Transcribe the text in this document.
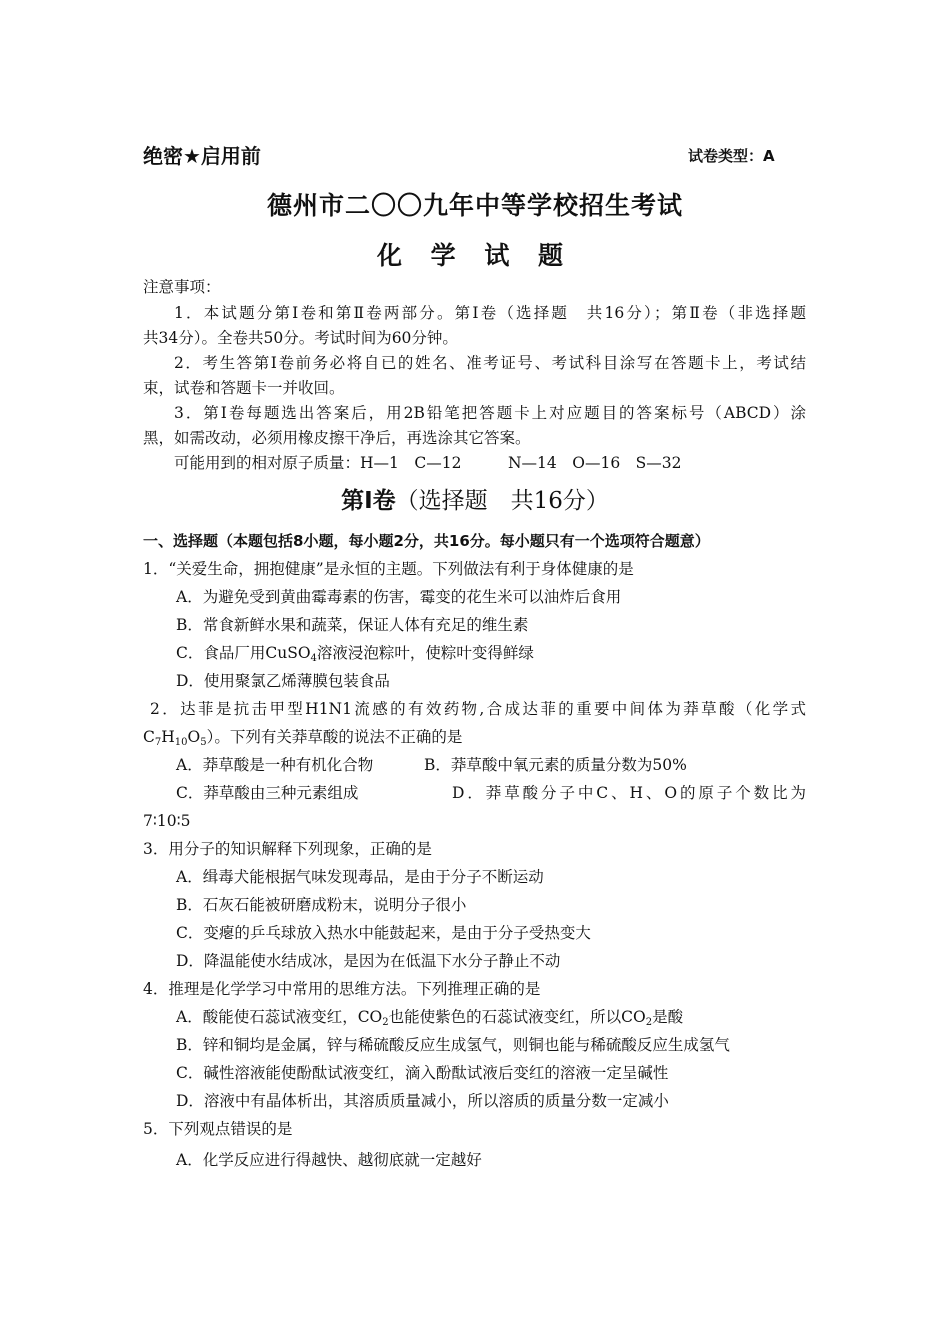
绝密★启用前	试卷类型：A
德州市二〇〇九年中等学校招生考试
化 学 试 题
注意事项：
1．本试题分第Ⅰ卷和第Ⅱ卷两部分。第Ⅰ卷（选择题　共16分）；第Ⅱ卷（非选择题
共34分）。全卷共50分。考试时间为60分钟。
2．考生答第Ⅰ卷前务必将自已的姓名、准考证号、考试科目涂写在答题卡上，考试结
束，试卷和答题卡一并收回。
3．第Ⅰ卷每题选出答案后，用2B铅笔把答题卡上对应题目的答案标号（ABCD）涂
黑，如需改动，必须用橡皮擦干净后，再选涂其它答案。
可能用到的相对原子质量：H—1　C—12　　　N—14　O—16　S—32
第Ⅰ卷（选择题　共16分）
一、选择题（本题包括8小题，每小题2分，共16分。每小题只有一个选项符合题意）
1．“关爱生命，拥抱健康”是永恒的主题。下列做法有利于身体健康的是
A．为避免受到黄曲霉毒素的伤害，霉变的花生米可以油炸后食用
B．常食新鲜水果和蔬菜，保证人体有充足的维生素
C．食品厂用CuSO$_4$溶液浸泡粽叶，使粽叶变得鲜绿
D．使用聚氯乙烯薄膜包装食品
2．达菲是抗击甲型H1N1流感的有效药物,合成达菲的重要中间体为莽草酸（化学式
$C_7H_{10}O_5$）。下列有关莽草酸的说法不正确的是
A．莽草酸是一种有机化合物	B．莽草酸中氧元素的质量分数为50%
C．莽草酸由三种元素组成	D．莽草酸分子中C、H、O的原子个数比为
7∶10∶5
3．用分子的知识解释下列现象，正确的是
A．缉毒犬能根据气味发现毒品，是由于分子不断运动
B．石灰石能被研磨成粉末，说明分子很小
C．变瘪的乒乓球放入热水中能鼓起来，是由于分子受热变大
D．降温能使水结成冰，是因为在低温下水分子静止不动
4．推理是化学学习中常用的思维方法。下列推理正确的是
A．酸能使石蕊试液变红，$CO_2$也能使紫色的石蕊试液变红，所以$CO_2$是酸
B．锌和铜均是金属，锌与稀硫酸反应生成氢气，则铜也能与稀硫酸反应生成氢气
C．碱性溶液能使酚酞试液变红，滴入酚酞试液后变红的溶液一定呈碱性
D．溶液中有晶体析出，其溶质质量减小，所以溶质的质量分数一定减小
5．下列观点错误的是
A．化学反应进行得越快、越彻底就一定越好
